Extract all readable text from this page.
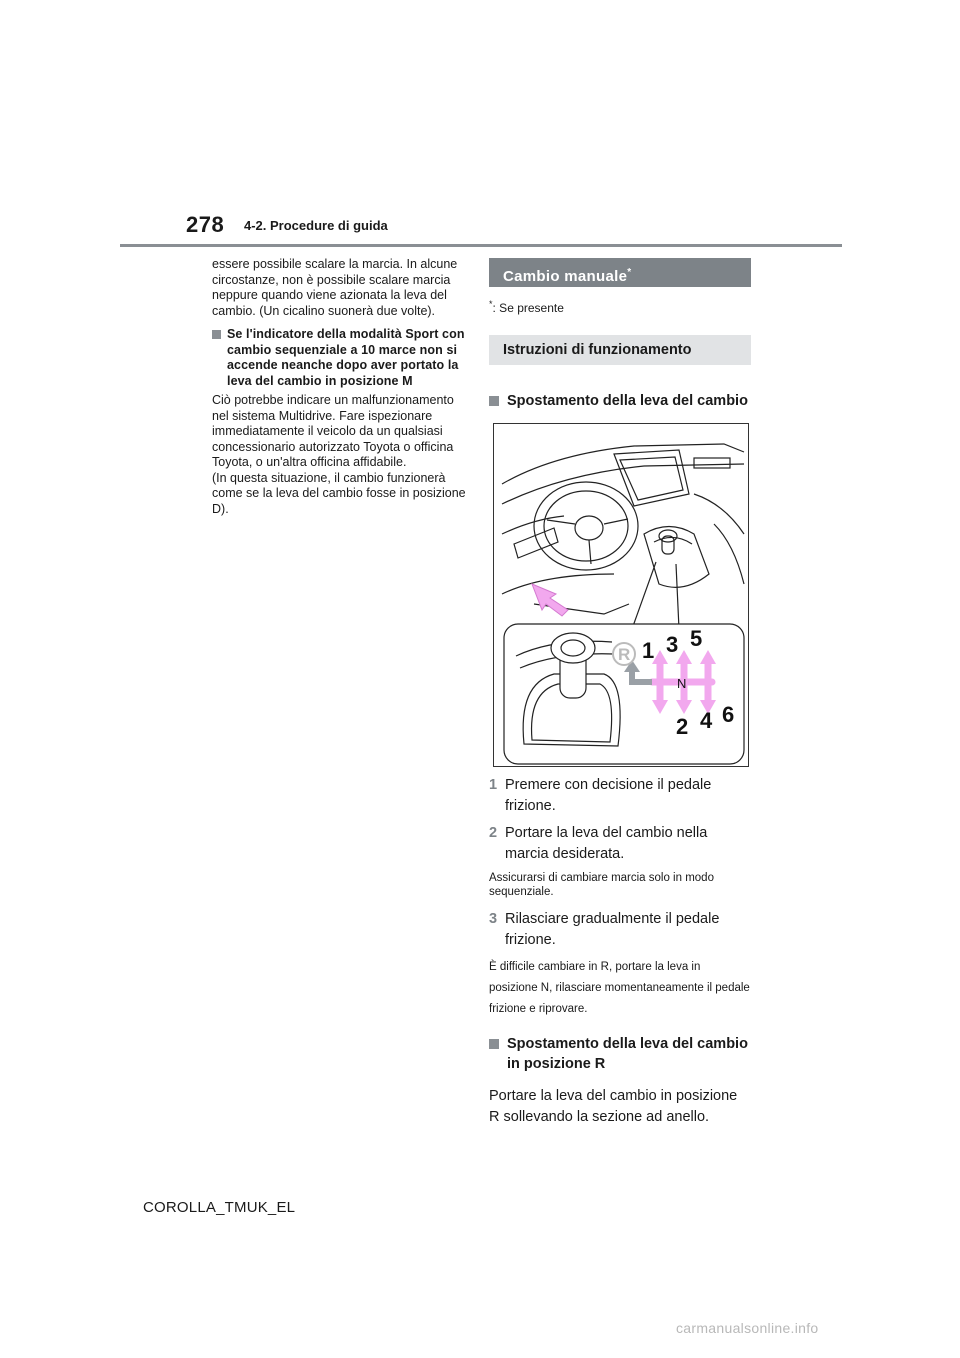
278 4-2. Procedure di guida

essere possibile scalare la marcia. In alcune circostanze, non è possibile scalare marcia neppure quando viene azionata la leva del cambio. (Un cicalino suonerà due volte).

Se l'indicatore della modalità Sport con cambio sequenziale a 10 marce non si accende neanche dopo aver portato la leva del cambio in posizione M
Ciò potrebbe indicare un malfunzionamento nel sistema Multidrive. Fare ispezionare immediatamente il veicolo da un qualsiasi concessionario autorizzato Toyota o officina Toyota, o un'altra officina affidabile.
(In questa situazione, il cambio funzionerà come se la leva del cambio fosse in posizione D).
Cambio manuale*
*: Se presente
Istruzioni di funzionamento
Spostamento della leva del cambio
R 1 3 5
N
2 4 6
1 Premere con decisione il pedale frizione.
2 Portare la leva del cambio nella marcia desiderata.
Assicurarsi di cambiare marcia solo in modo sequenziale.
3 Rilasciare gradualmente il pedale frizione.
È difficile cambiare in R, portare la leva in posizione N, rilasciare momentaneamente il pedale frizione e riprovare.
Spostamento della leva del cambio in posizione R

Portare la leva del cambio in posizione R sollevando la sezione ad anello.

COROLLA_TMUK_EL
carmanualsonline.info
